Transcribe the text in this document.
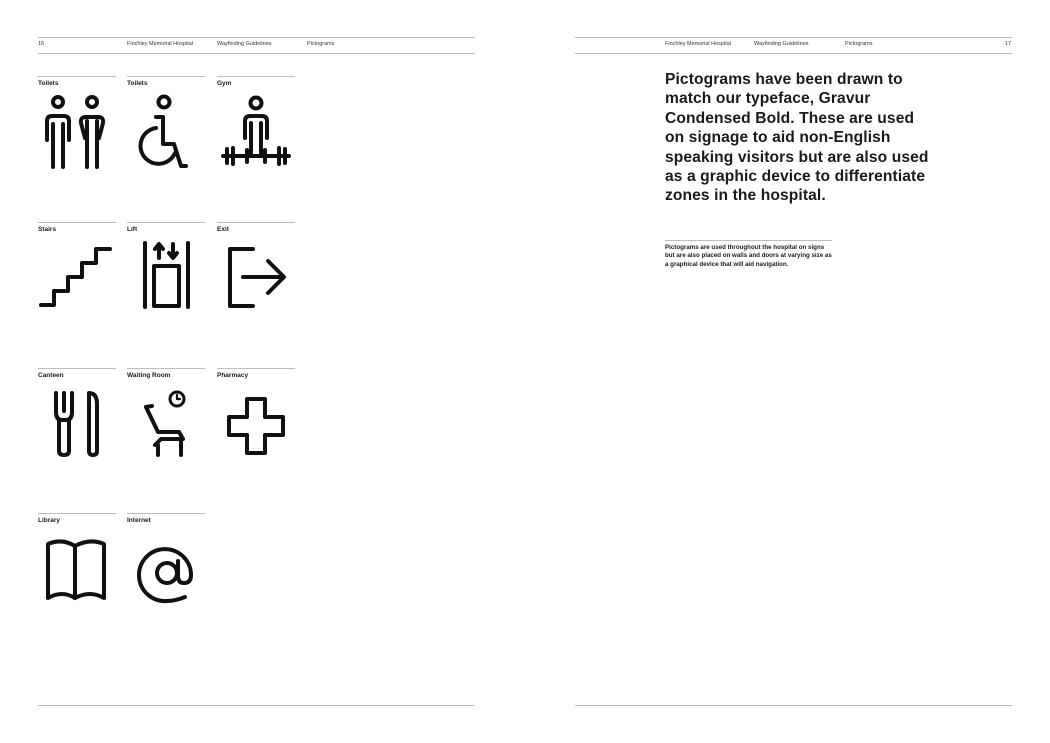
16	Finchley Memorial Hospital	Wayfinding Guidelines	Pictograms
Toilets	Toilets	Gym
Stairs	Lift	Exit
Canteen	Waiting Room	Pharmacy
Library	Internet
Finchley Memorial Hospital	Wayfinding Guidelines	Pictograms	17
Pictograms have been drawn to match our typeface, Gravur Condensed Bold. These are used on signage to aid non-English speaking visitors but are also used as a graphic device to differentiate zones in the hospital.
Pictograms are used throughout the hospital on signs but are also placed on walls and doors at varying size as a graphical device that will aid navigation.
